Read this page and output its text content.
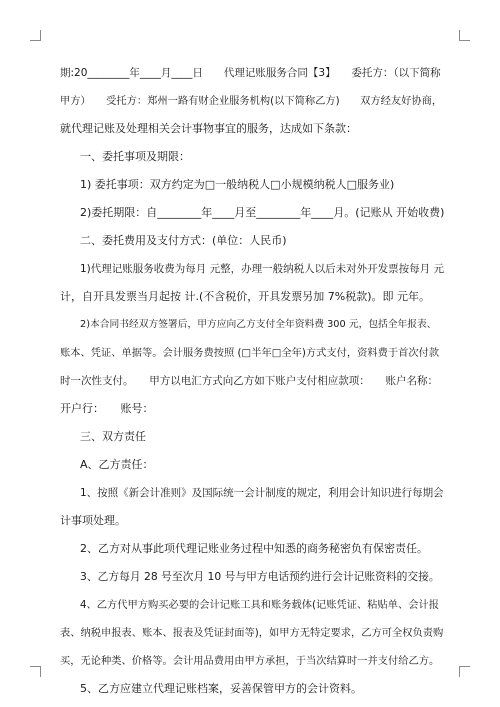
期:20________年____月____日　　代理记账服务合同【3】　　委托方：（以下简称
甲方）　　受托方：郑州一路有财企业服务机构(以下简称乙方)　　双方经友好协商，
就代理记账及处理相关会计事物事宜的服务，达成如下条款：
一、委托事项及期限：
1) 委托事项：双方约定为□一般纳税人□小规模纳税人□服务业)
2)委托期限：自________年____月至________年____月。(记账从 开始收费)
二、委托费用及支付方式：(单位：人民币)
1)代理记账服务收费为每月 元整，办理一般纳税人以后未对外开发票按每月 元
计，自开具发票当月起按 计.(不含税价，开具发票另加 7%税款)。即 元年。
2)本合同书经双方签署后，甲方应向乙方支付全年资料费 300 元，包括全年报表、
账本、凭证、单据等。会计服务费按照 (□半年□全年)方式支付，资料费于首次付款
时一次性支付。　　甲方以电汇方式向乙方如下账户支付相应款项：　　账户名称：
开户行：　　账号：
三、双方责任
A、乙方责任：
1、按照《新会计准则》及国际统一会计制度的规定，利用会计知识进行每期会
计事项处理。
2、乙方对从事此项代理记账业务过程中知悉的商务秘密负有保密责任。
3、乙方每月 28 号至次月 10 号与甲方电话预约进行会计记账资料的交接。
4、乙方代甲方购买必要的会计记账工具和账务载体(记账凭证、粘贴单、会计报
表、纳税申报表、账本、报表及凭证封面等)，如甲方无特定要求，乙方可全权负责购
买，无论种类、价格等。会计用品费用由甲方承担，于当次结算时一并支付给乙方。
5、乙方应建立代理记账档案，妥善保管甲方的会计资料。
